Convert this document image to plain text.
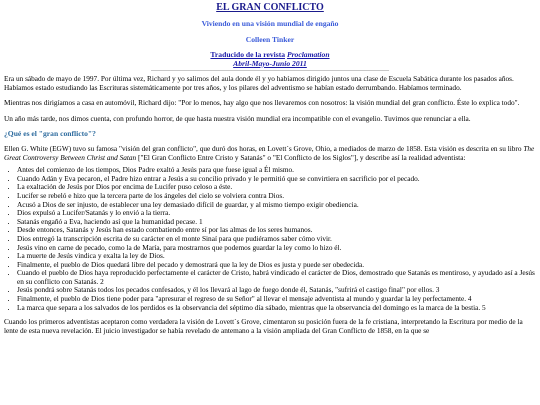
EL GRAN CONFLICTO
Viviendo en una visión mundial de engaño
Colleen Tinker
Traducido de la revista Proclamation
Abril-Mayo-Junio 2011

Era un sábado de mayo de 1997. Por última vez, Richard y yo salimos del aula donde él y yo habíamos dirigido juntos una clase de Escuela Sabática durante los pasados años. Habíamos estado estudiando las Escrituras sistemáticamente por tres años, y los pilares del adventismo se habían estado derrumbando. Habíamos terminado.

Mientras nos dirigíamos a casa en automóvil, Richard dijo: "Por lo menos, hay algo que nos llevaremos con nosotros: la visión mundial del gran conflicto. Éste lo explica todo".

Un año más tarde, nos dimos cuenta, con profundo horror, de que hasta nuestra visión mundial era incompatible con el evangelio. Tuvimos que renunciar a ella.

¿Qué es el "gran conflicto"?

Ellen G. White (EGW) tuvo su famosa "visión del gran conflicto", que duró dos horas, en Lovett´s Grove, Ohio, a mediados de marzo de 1858. Esta visión es descrita en su libro The Great Controversy Between Christ and Satan ["El Gran Conflicto Entre Cristo y Satanás" o "El Conflicto de los Siglos"], y describe así la realidad adventista:

• Antes del comienzo de los tiempos, Dios Padre exaltó a Jesús para que fuese igual a Él mismo.
• Cuando Adán y Eva pecaron, el Padre hizo entrar a Jesús a su concilio privado y le permitió que se convirtiera en sacrificio por el pecado.
• La exaltación de Jesús por Dios por encima de Lucifer puso celoso a éste.
• Lucifer se rebeló e hizo que la tercera parte de los ángeles del cielo se volviera contra Dios.
• Acusó a Dios de ser injusto, de establecer una ley demasiado difícil de guardar, y al mismo tiempo exigir obediencia.
• Dios expulsó a Lucifer/Satanás y lo envió a la tierra.
• Satanás engañó a Eva, haciendo así que la humanidad pecase. 1
• Desde entonces, Satanás y Jesús han estado combatiendo entre sí por las almas de los seres humanos.
• Dios entregó la transcripción escrita de su carácter en el monte Sinaí para que pudiéramos saber cómo vivir.
• Jesús vino en carne de pecado, como la de María, para mostrarnos que podemos guardar la ley como lo hizo él.
• La muerte de Jesús vindica y exalta la ley de Dios.
• Finalmente, el pueblo de Dios quedará libre del pecado y demostrará que la ley de Dios es justa y puede ser obedecida.
• Cuando el pueblo de Dios haya reproducido perfectamente el carácter de Cristo, habrá vindicado el carácter de Dios, demostrado que Satanás es mentiroso, y ayudado así a Jesús en su conflicto con Satanás. 2
• Jesús pondrá sobre Satanás todos los pecados confesados, y él los llevará al lago de fuego donde él, Satanás, "sufrirá el castigo final" por ellos. 3
• Finalmente, el pueblo de Dios tiene poder para "apresurar el regreso de su Señor" al llevar el mensaje adventista al mundo y guardar la ley perfectamente. 4
• La marca que separa a los salvados de los perdidos es la observancia del séptimo día sábado, mientras que la observancia del domingo es la marca de la bestia. 5

Cuando los primeros adventistas aceptaron como verdadera la visión de Lovett´s Grove, cimentaron su posición fuera de la fe cristiana, interpretando la Escritura por medio de la lente de esta nueva revelación. El juicio investigador se había revelado de antemano a la visión ampliada del Gran Conflicto de 1858, en la que se
